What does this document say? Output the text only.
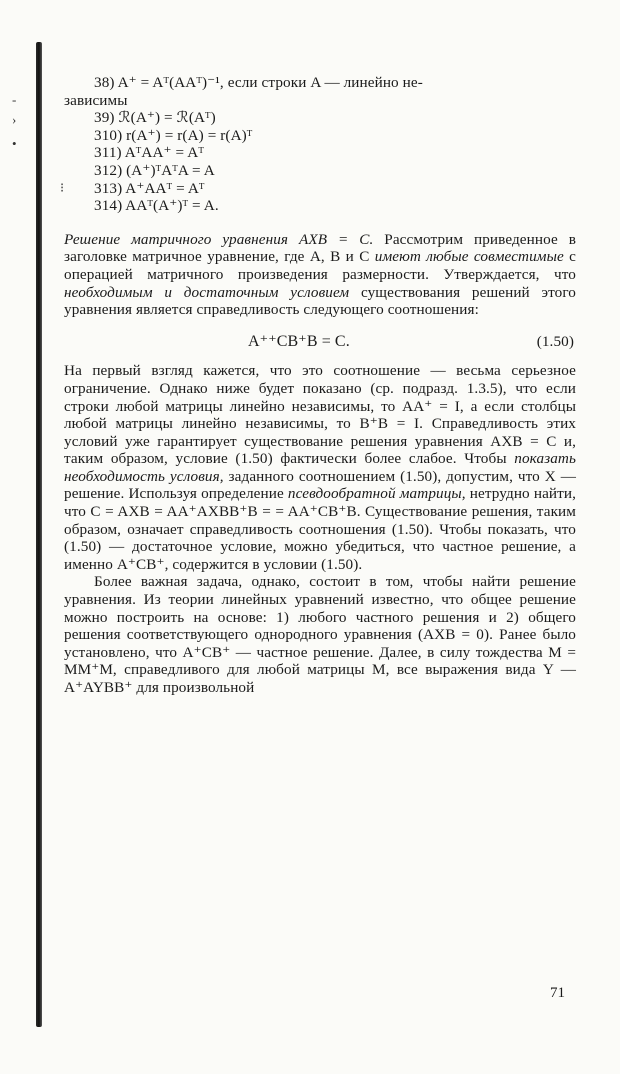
-
›
•
⁝
38) A⁺ = Aᵀ(AAᵀ)⁻¹, если строки A — линейно не-
зависимы
39) ℛ(A⁺) = ℛ(Aᵀ)
310) r(A⁺) = r(A) = r(A)ᵀ
311) AᵀAA⁺ = Aᵀ
312) (A⁺)ᵀAᵀA = A
313) A⁺AAᵀ = Aᵀ
314) AAᵀ(A⁺)ᵀ = A.

Решение матричного уравнения AXB = C. Рассмотрим приведенное в заголовке матричное уравнение, где A, B и C имеют любые совместимые с операцией матричного произведения размерности. Утверждается, что необходимым и достаточным условием существования решений этого уравнения является справедливость следующего соотношения:

A⁺⁺CB⁺B = C.	(1.50)

На первый взгляд кажется, что это соотношение — весьма серьезное ограничение. Однако ниже будет показано (ср. подразд. 1.3.5), что если строки любой матрицы линейно независимы, то AA⁺ = I, а если столбцы любой матрицы линейно независимы, то B⁺B = I. Справедливость этих условий уже гарантирует существование решения уравнения AXB = C и, таким образом, условие (1.50) фактически более слабое. Чтобы показать необходимость условия, заданного соотношением (1.50), допустим, что X — решение. Используя определение псевдообратной матрицы, нетрудно найти, что C = AXB = AA⁺AXBB⁺B = = AA⁺CB⁺B. Существование решения, таким образом, означает справедливость соотношения (1.50). Чтобы показать, что (1.50) — достаточное условие, можно убедиться, что частное решение, а именно A⁺CB⁺, содержится в условии (1.50).

Более важная задача, однако, состоит в том, чтобы найти решение уравнения. Из теории линейных уравнений известно, что общее решение можно построить на основе: 1) любого частного решения и 2) общего решения соответствующего однородного уравнения (AXB = 0). Ранее было установлено, что A⁺CB⁺ — частное решение. Далее, в силу тождества M = MM⁺M, справедливого для любой матрицы M, все выражения вида Y — A⁺AYBB⁺ для произвольной

71
